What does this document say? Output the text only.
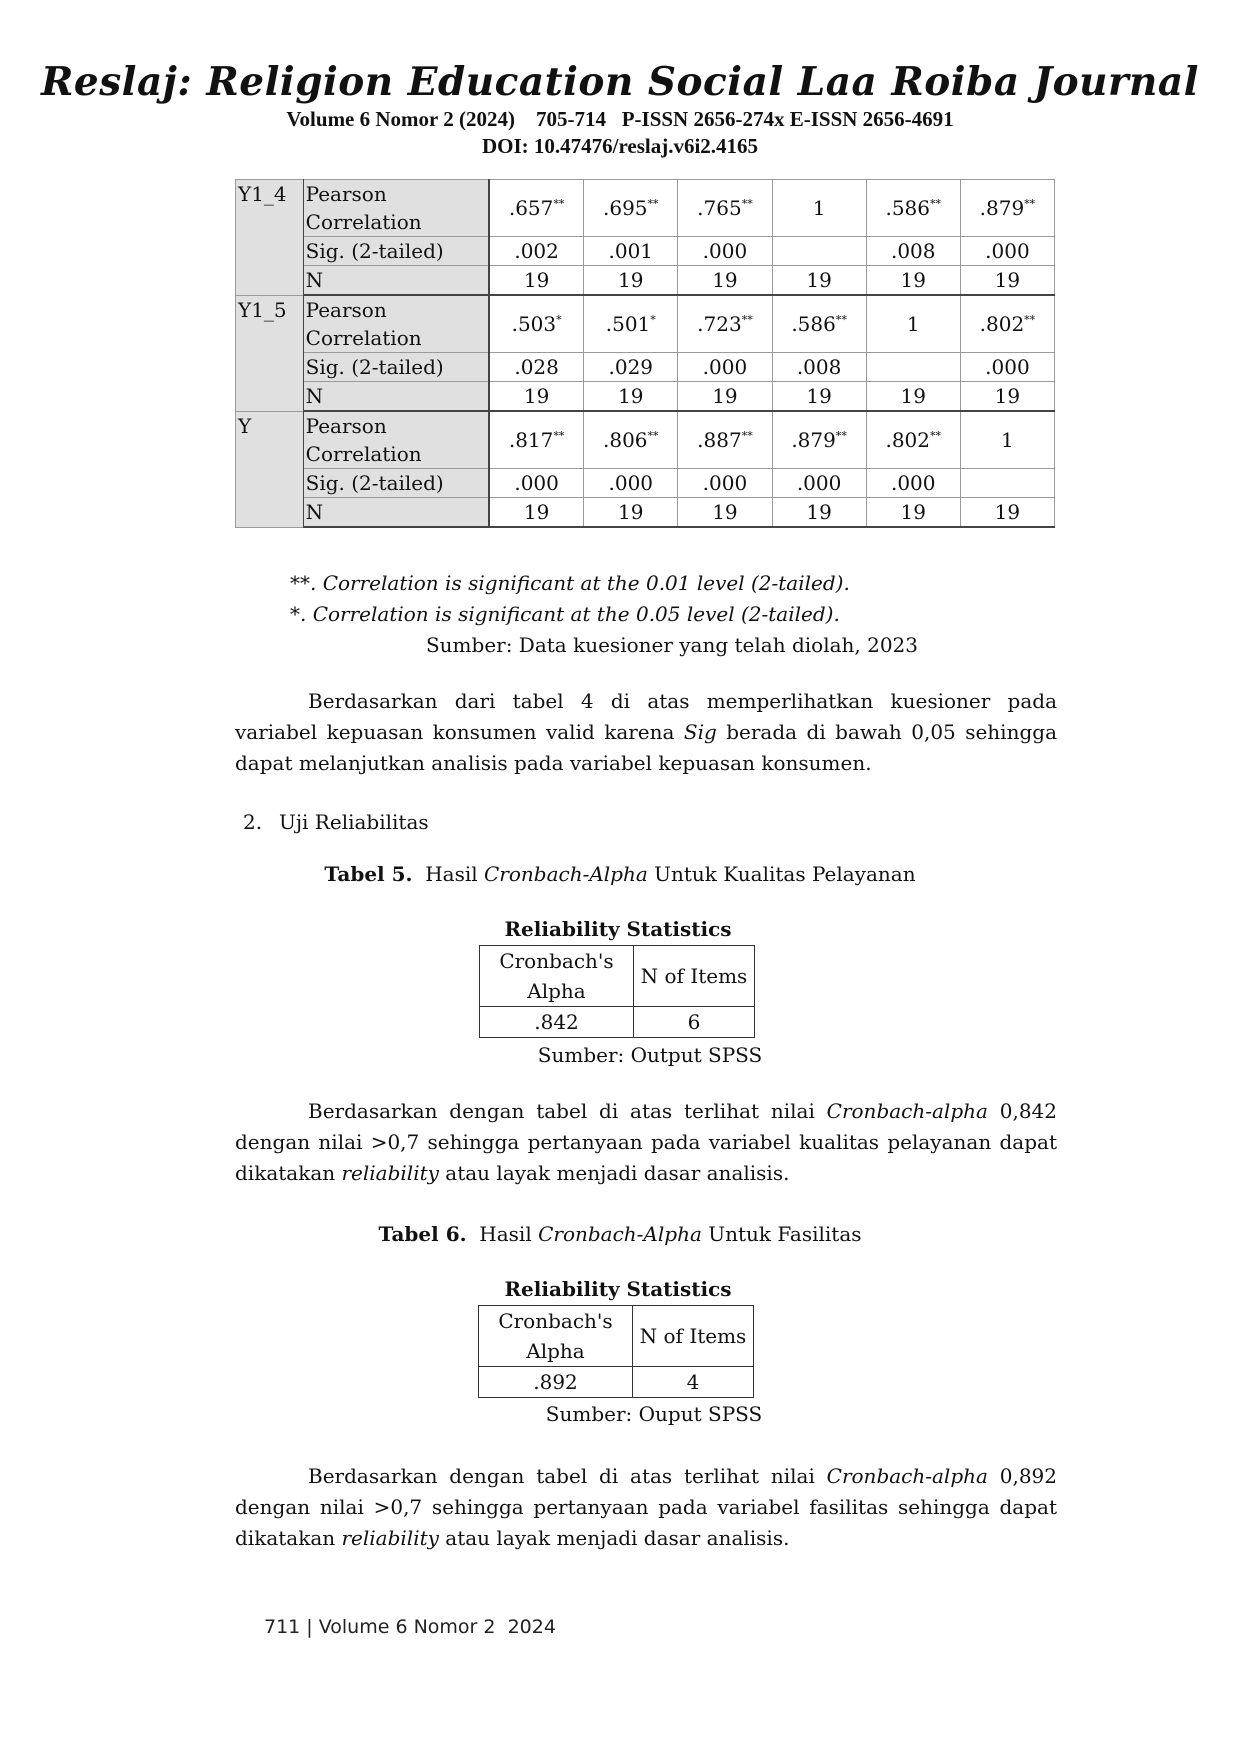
Reslaj: Religion Education Social Laa Roiba Journal
Volume 6 Nomor 2 (2024)    705-714   P-ISSN 2656-274x E-ISSN 2656-4691
DOI: 10.47476/reslaj.v6i2.4165
Y1_4	Pearson Correlation	.657**	.695**	.765**	1	.586**	.879**
	Sig. (2-tailed)	.002	.001	.000		.008	.000
	N	19	19	19	19	19	19
Y1_5	Pearson Correlation	.503*	.501*	.723**	.586**	1	.802**
	Sig. (2-tailed)	.028	.029	.000	.008		.000
	N	19	19	19	19	19	19
Y	Pearson Correlation	.817**	.806**	.887**	.879**	.802**	1
	Sig. (2-tailed)	.000	.000	.000	.000	.000	
	N	19	19	19	19	19	19
**. Correlation is significant at the 0.01 level (2-tailed).
*. Correlation is significant at the 0.05 level (2-tailed).
Sumber: Data kuesioner yang telah diolah, 2023

Berdasarkan dari tabel 4 di atas memperlihatkan kuesioner pada variabel kepuasan konsumen valid karena Sig berada di bawah 0,05 sehingga dapat melanjutkan analisis pada variabel kepuasan konsumen.

2. Uji Reliabilitas
Tabel 5. Hasil Cronbach-Alpha Untuk Kualitas Pelayanan
Reliability Statistics
Cronbach's
Alpha	N of Items
.842	6
Sumber: Output SPSS

Berdasarkan dengan tabel di atas terlihat nilai Cronbach-alpha 0,842 dengan nilai >0,7 sehingga pertanyaan pada variabel kualitas pelayanan dapat dikatakan reliability atau layak menjadi dasar analisis.

Tabel 6. Hasil Cronbach-Alpha Untuk Fasilitas
Reliability Statistics
Cronbach's
Alpha	N of Items
.892	4
Sumber: Ouput SPSS

Berdasarkan dengan tabel di atas terlihat nilai Cronbach-alpha 0,892 dengan nilai >0,7 sehingga pertanyaan pada variabel fasilitas sehingga dapat dikatakan reliability atau layak menjadi dasar analisis.

711 | Volume 6 Nomor 2  2024
